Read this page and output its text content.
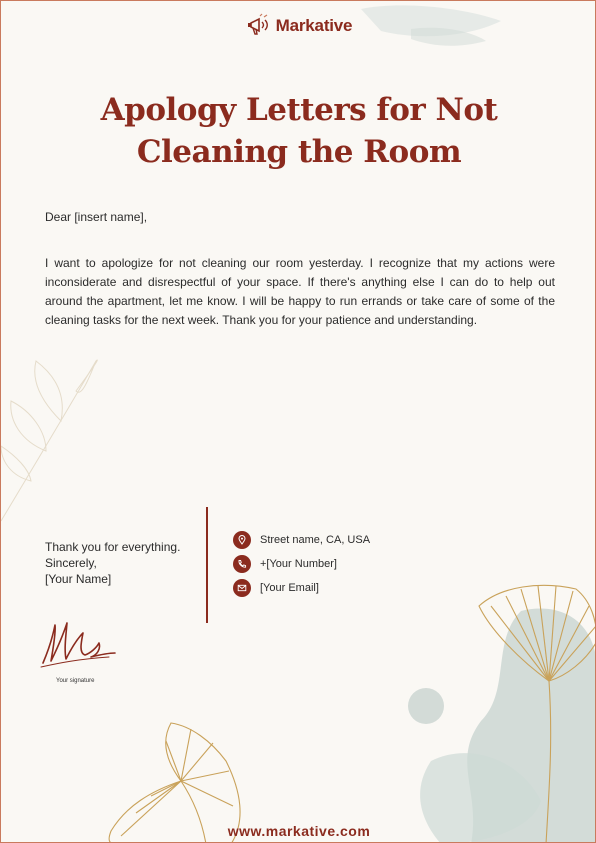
Markative
Apology Letters for Not
Cleaning the Room
Dear [insert name],
I want to apologize for not cleaning our room yesterday. I recognize that my actions were inconsiderate and disrespectful of your space. If there's anything else I can do to help out around the apartment, let me know. I will be happy to run errands or take care of some of the cleaning tasks for the next week. Thank you for your patience and understanding.
Thank you for everything.
Sincerely,
[Your Name]
Street name, CA, USA
+[Your Number]
[Your Email]
Your signature
www.markative.com
